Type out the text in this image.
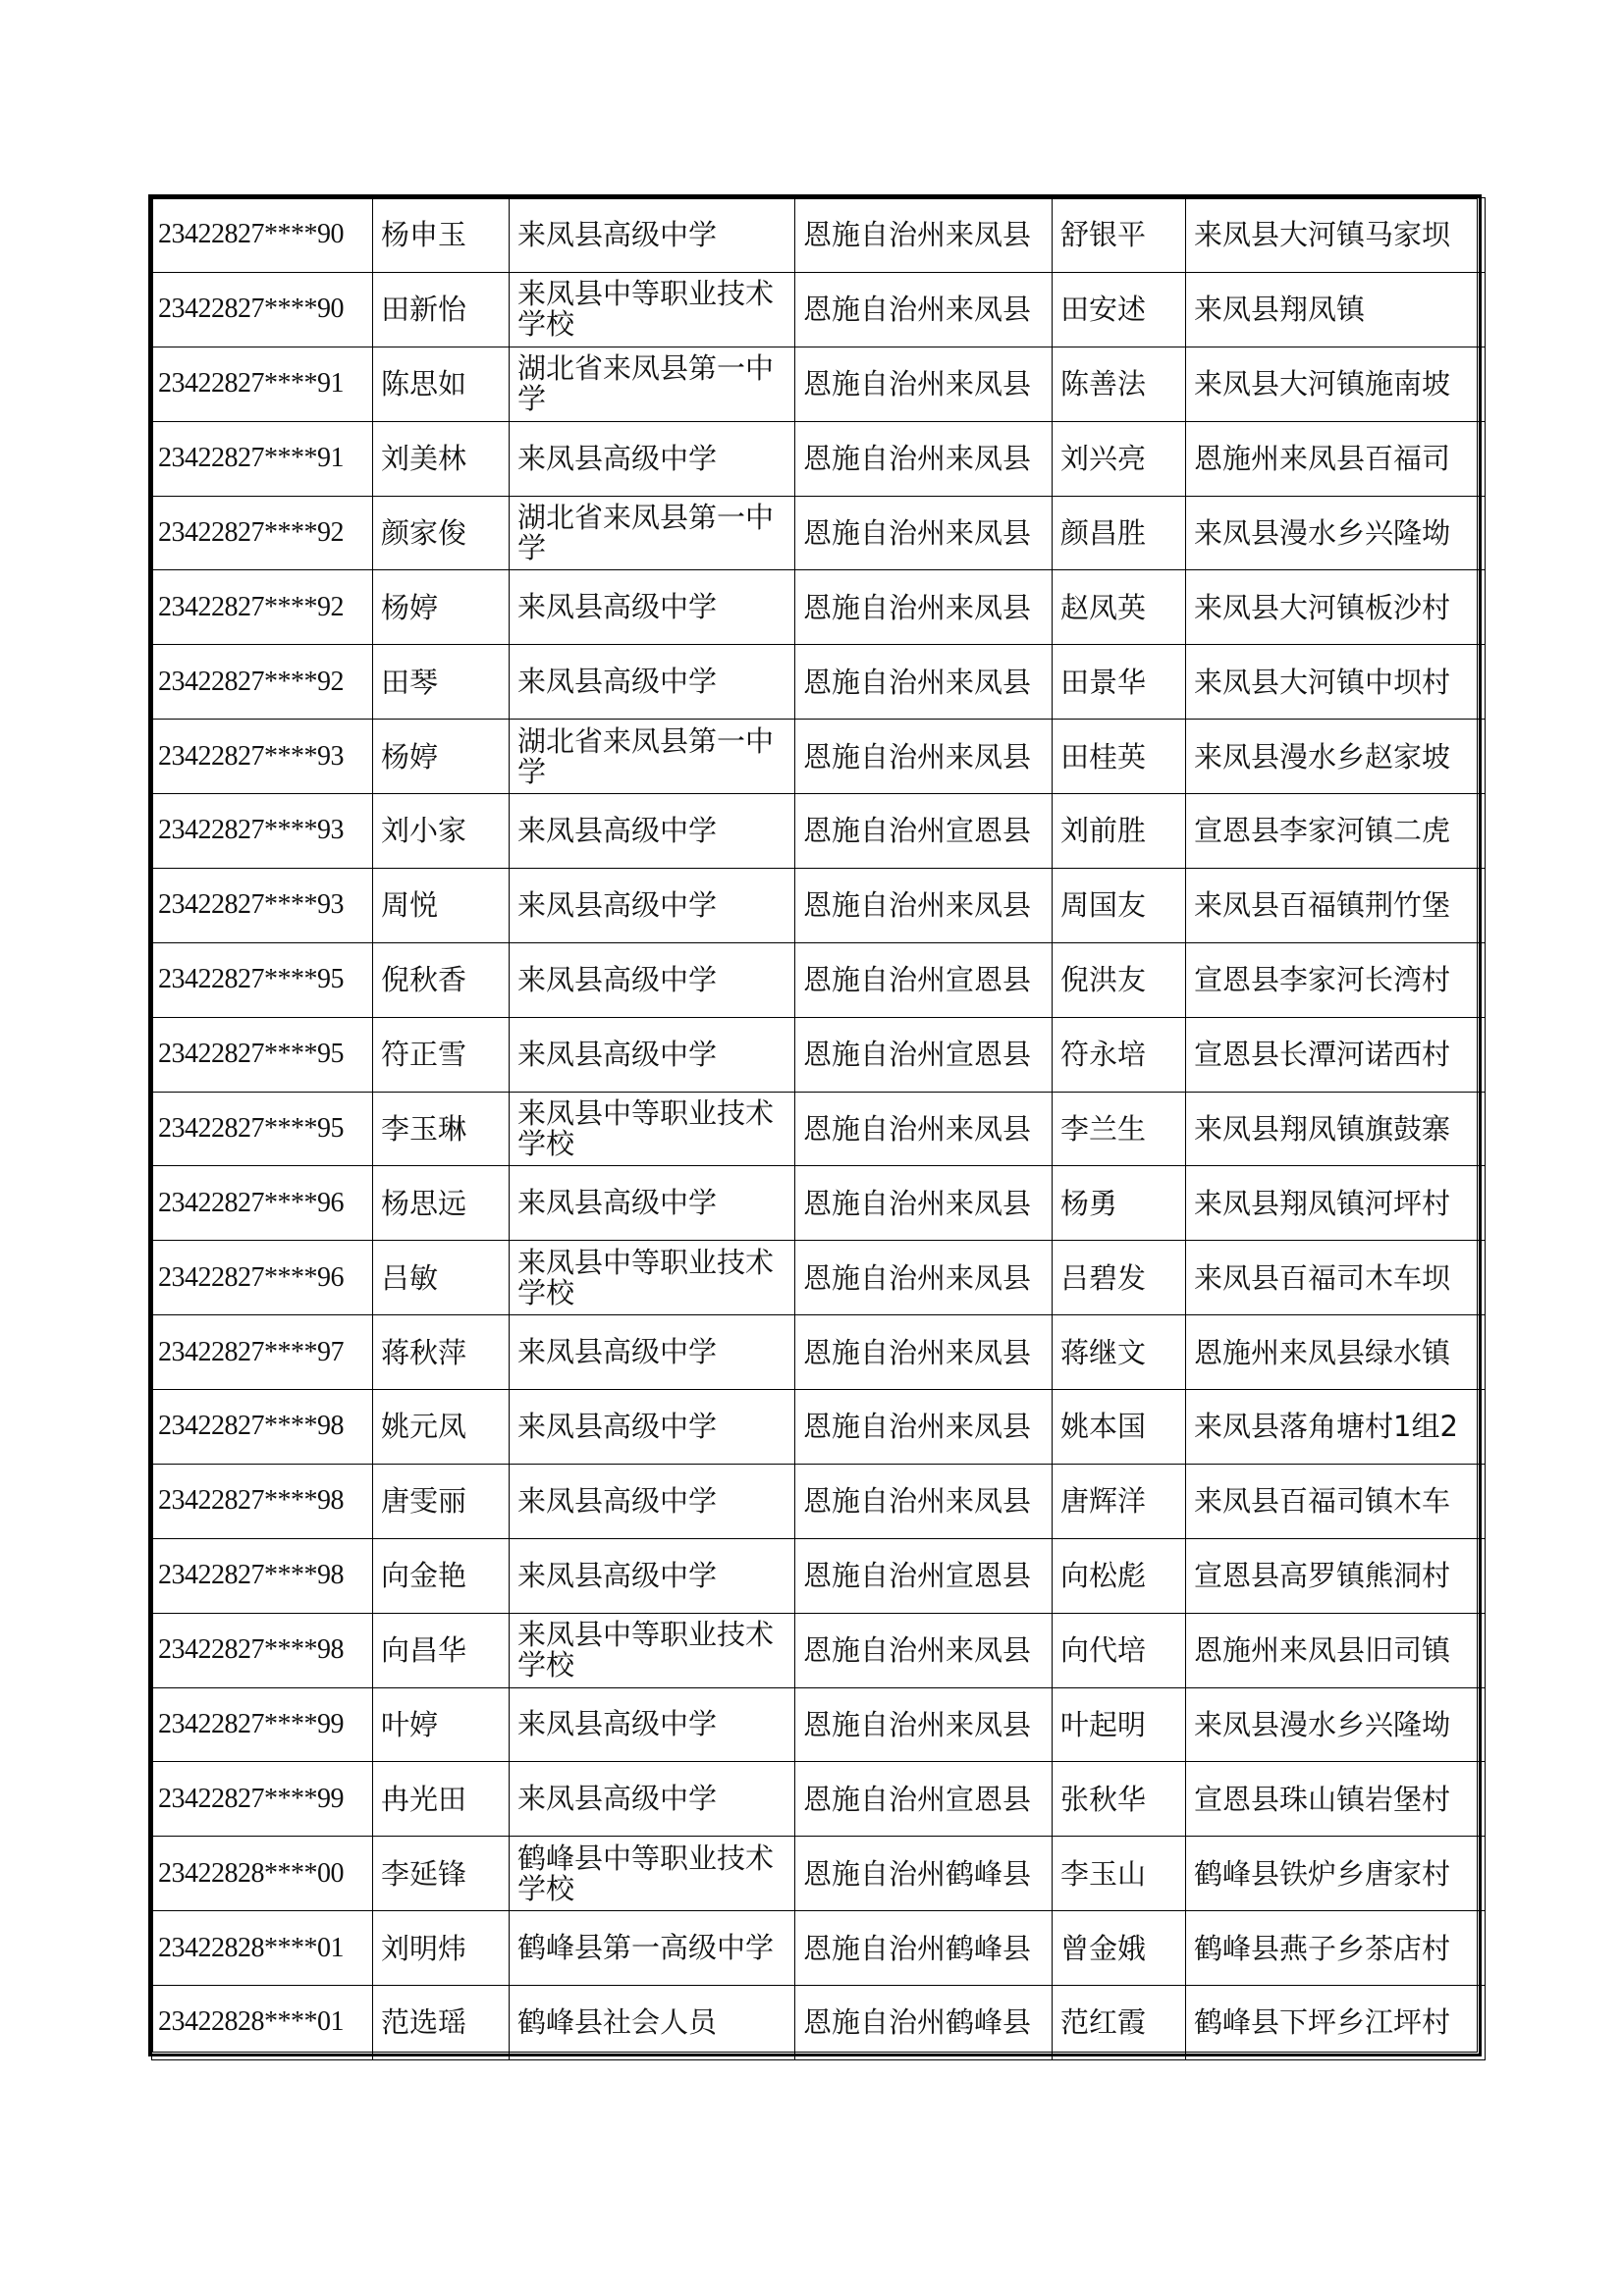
23422827****90	杨申玉	来凤县高级中学	恩施自治州来凤县	舒银平	来凤县大河镇马家坝
23422827****90	田新怡	来凤县中等职业技术学校	恩施自治州来凤县	田安述	来凤县翔凤镇
23422827****91	陈思如	湖北省来凤县第一中学	恩施自治州来凤县	陈善法	来凤县大河镇施南坡
23422827****91	刘美林	来凤县高级中学	恩施自治州来凤县	刘兴亮	恩施州来凤县百福司
23422827****92	颜家俊	湖北省来凤县第一中学	恩施自治州来凤县	颜昌胜	来凤县漫水乡兴隆坳
23422827****92	杨婷	来凤县高级中学	恩施自治州来凤县	赵凤英	来凤县大河镇板沙村
23422827****92	田琴	来凤县高级中学	恩施自治州来凤县	田景华	来凤县大河镇中坝村
23422827****93	杨婷	湖北省来凤县第一中学	恩施自治州来凤县	田桂英	来凤县漫水乡赵家坡
23422827****93	刘小家	来凤县高级中学	恩施自治州宣恩县	刘前胜	宣恩县李家河镇二虎
23422827****93	周悦	来凤县高级中学	恩施自治州来凤县	周国友	来凤县百福镇荆竹堡
23422827****95	倪秋香	来凤县高级中学	恩施自治州宣恩县	倪洪友	宣恩县李家河长湾村
23422827****95	符正雪	来凤县高级中学	恩施自治州宣恩县	符永培	宣恩县长潭河诺西村
23422827****95	李玉琳	来凤县中等职业技术学校	恩施自治州来凤县	李兰生	来凤县翔凤镇旗鼓寨
23422827****96	杨思远	来凤县高级中学	恩施自治州来凤县	杨勇	来凤县翔凤镇河坪村
23422827****96	吕敏	来凤县中等职业技术学校	恩施自治州来凤县	吕碧发	来凤县百福司木车坝
23422827****97	蒋秋萍	来凤县高级中学	恩施自治州来凤县	蒋继文	恩施州来凤县绿水镇
23422827****98	姚元凤	来凤县高级中学	恩施自治州来凤县	姚本国	来凤县落角塘村1组2
23422827****98	唐雯丽	来凤县高级中学	恩施自治州来凤县	唐辉洋	来凤县百福司镇木车
23422827****98	向金艳	来凤县高级中学	恩施自治州宣恩县	向松彪	宣恩县高罗镇熊洞村
23422827****98	向昌华	来凤县中等职业技术学校	恩施自治州来凤县	向代培	恩施州来凤县旧司镇
23422827****99	叶婷	来凤县高级中学	恩施自治州来凤县	叶起明	来凤县漫水乡兴隆坳
23422827****99	冉光田	来凤县高级中学	恩施自治州宣恩县	张秋华	宣恩县珠山镇岩堡村
23422828****00	李延锋	鹤峰县中等职业技术学校	恩施自治州鹤峰县	李玉山	鹤峰县铁炉乡唐家村
23422828****01	刘明炜	鹤峰县第一高级中学	恩施自治州鹤峰县	曾金娥	鹤峰县燕子乡茶店村
23422828****01	范选瑶	鹤峰县社会人员	恩施自治州鹤峰县	范红霞	鹤峰县下坪乡江坪村
